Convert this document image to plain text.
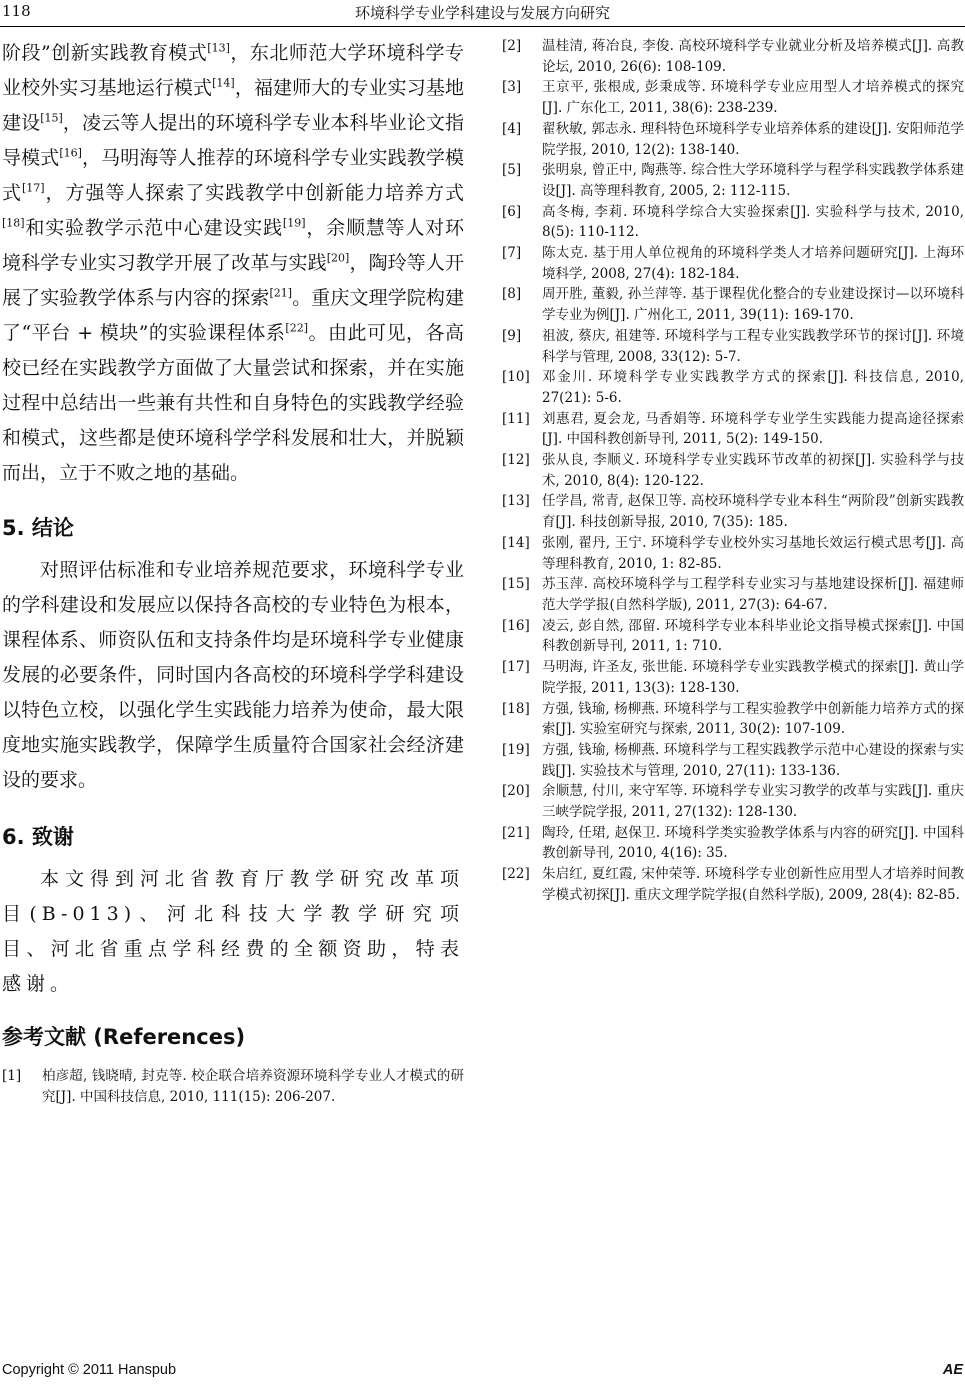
118	环境科学专业学科建设与发展方向研究

阶段”创新实践教育模式[13]，东北师范大学环境科学专业校外实习基地运行模式[14]，福建师大的专业实习基地建设[15]，凌云等人提出的环境科学专业本科毕业论文指导模式[16]，马明海等人推荐的环境科学专业实践教学模式[17]，方强等人探索了实践教学中创新能力培养方式[18]和实验教学示范中心建设实践[19]，余顺慧等人对环境科学专业实习教学开展了改革与实践[20]，陶玲等人开展了实验教学体系与内容的探索[21]。重庆文理学院构建了“平台 + 模块”的实验课程体系[22]。由此可见，各高校已经在实践教学方面做了大量尝试和探索，并在实施过程中总结出一些兼有共性和自身特色的实践教学经验和模式，这些都是使环境科学学科发展和壮大，并脱颖而出，立于不败之地的基础。

5. 结论

对照评估标准和专业培养规范要求，环境科学专业的学科建设和发展应以保持各高校的专业特色为根本，课程体系、师资队伍和支持条件均是环境科学专业健康发展的必要条件，同时国内各高校的环境科学学科建设以特色立校，以强化学生实践能力培养为使命，最大限度地实施实践教学，保障学生质量符合国家社会经济建设的要求。

6. 致谢

本文得到河北省教育厅教学研究改革项目(B-013)、河北科技大学教学研究项目、河北省重点学科经费的全额资助，特表感谢。

参考文献 (References)
[1] 柏彦超, 钱晓晴, 封克等. 校企联合培养资源环境科学专业人才模式的研究[J]. 中国科技信息, 2010, 111(15): 206-207.
[2] 温桂清, 蒋冶良, 李俊. 高校环境科学专业就业分析及培养模式[J]. 高教论坛, 2010, 26(6): 108-109.
[3] 王京平, 张根成, 彭秉成等. 环境科学专业应用型人才培养模式的探究[J]. 广东化工, 2011, 38(6): 238-239.
[4] 翟秋敏, 郭志永. 理科特色环境科学专业培养体系的建设[J]. 安阳师范学院学报, 2010, 12(2): 138-140.
[5] 张明泉, 曾正中, 陶燕等. 综合性大学环境科学与程学科实践教学体系建设[J]. 高等理科教育, 2005, 2: 112-115.
[6] 高冬梅, 李莉. 环境科学综合大实验探索[J]. 实验科学与技术, 2010, 8(5): 110-112.
[7] 陈太克. 基于用人单位视角的环境科学类人才培养问题研究[J]. 上海环境科学, 2008, 27(4): 182-184.
[8] 周开胜, 董毅, 孙兰萍等. 基于课程优化整合的专业建设探讨—以环境科学专业为例[J]. 广州化工, 2011, 39(11): 169-170.
[9] 祖波, 蔡庆, 祖建等. 环境科学与工程专业实践教学环节的探讨[J]. 环境科学与管理, 2008, 33(12): 5-7.
[10] 邓金川. 环境科学专业实践教学方式的探索[J]. 科技信息, 2010, 27(21): 5-6.
[11] 刘惠君, 夏会龙, 马香娟等. 环境科学专业学生实践能力提高途径探索[J]. 中国科教创新导刊, 2011, 5(2): 149-150.
[12] 张从良, 李顺义. 环境科学专业实践环节改革的初探[J]. 实验科学与技术, 2010, 8(4): 120-122.
[13] 任学昌, 常青, 赵保卫等. 高校环境科学专业本科生“两阶段”创新实践教育[J]. 科技创新导报, 2010, 7(35): 185.
[14] 张刚, 翟丹, 王宁. 环境科学专业校外实习基地长效运行模式思考[J]. 高等理科教育, 2010, 1: 82-85.
[15] 苏玉萍. 高校环境科学与工程学科专业实习与基地建设探析[J]. 福建师范大学学报(自然科学版), 2011, 27(3): 64-67.
[16] 凌云, 彭自然, 邵留. 环境科学专业本科毕业论文指导模式探索[J]. 中国科教创新导刊, 2011, 1: 710.
[17] 马明海, 许圣友, 张世能. 环境科学专业实践教学模式的探索[J]. 黄山学院学报, 2011, 13(3): 128-130.
[18] 方强, 钱瑜, 杨柳燕. 环境科学与工程实验教学中创新能力培养方式的探索[J]. 实验室研究与探索, 2011, 30(2): 107-109.
[19] 方强, 钱瑜, 杨柳燕. 环境科学与工程实践教学示范中心建设的探索与实践[J]. 实验技术与管理, 2010, 27(11): 133-136.
[20] 余顺慧, 付川, 来守军等. 环境科学专业实习教学的改革与实践[J]. 重庆三峡学院学报, 2011, 27(132): 128-130.
[21] 陶玲, 任珺, 赵保卫. 环境科学类实验教学体系与内容的研究[J]. 中国科教创新导刊, 2010, 4(16): 35.
[22] 朱启红, 夏红霞, 宋仲荣等. 环境科学专业创新性应用型人才培养时间教学模式初探[J]. 重庆文理学院学报(自然科学版), 2009, 28(4): 82-85.
Copyright © 2011 Hanspub	AE
